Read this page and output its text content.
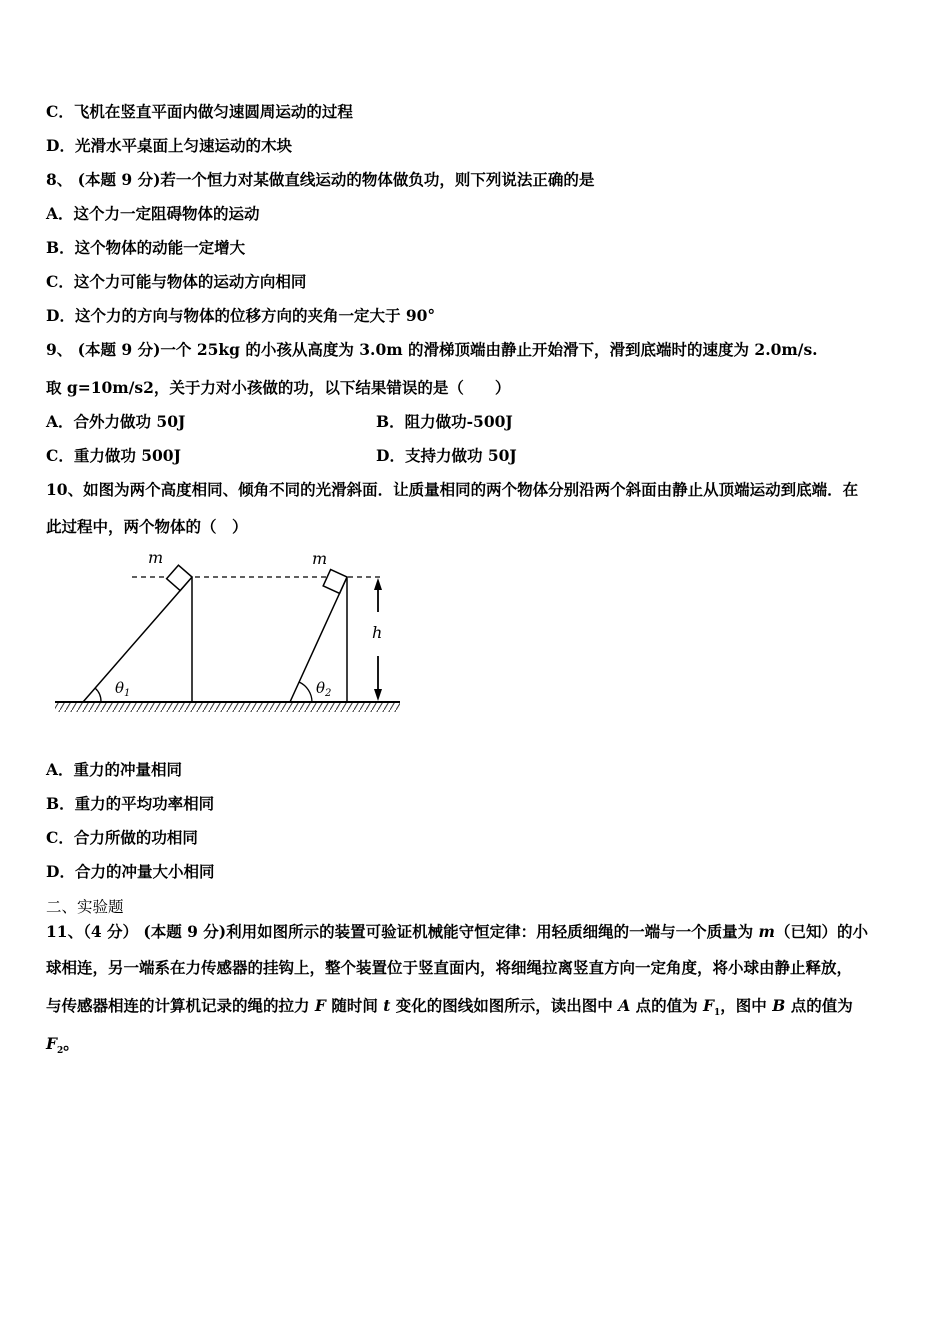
C．飞机在竖直平面内做匀速圆周运动的过程
D．光滑水平桌面上匀速运动的木块
8、 (本题 9 分)若一个恒力对某做直线运动的物体做负功，则下列说法正确的是
A．这个力一定阻碍物体的运动
B．这个物体的动能一定增大
C．这个力可能与物体的运动方向相同
D．这个力的方向与物体的位移方向的夹角一定大于 90°
9、 (本题 9 分)一个 25kg 的小孩从高度为 3.0m 的滑梯顶端由静止开始滑下，滑到底端时的速度为 2.0m/s.
取 g=10m/s2，关于力对小孩做的功，以下结果错误的是（　　）
A．合外力做功 50J	B．阻力做功-500J
C．重力做功 500J	D．支持力做功 50J
10、如图为两个高度相同、倾角不同的光滑斜面．让质量相同的两个物体分别沿两个斜面由静止从顶端运动到底端．在
此过程中，两个物体的（　）
m	m
$\theta_1$	$\theta_2$
h
A．重力的冲量相同
B．重力的平均功率相同
C．合力所做的功相同
D．合力的冲量大小相同
二、实验题
11、（4 分） (本题 9 分)利用如图所示的装置可验证机械能守恒定律：用轻质细绳的一端与一个质量为 m（已知）的小
球相连，另一端系在力传感器的挂钩上，整个装置位于竖直面内，将细绳拉离竖直方向一定角度，将小球由静止释放，
与传感器相连的计算机记录的绳的拉力 F 随时间 t 变化的图线如图所示，读出图中 A 点的值为 $F_1$，图中 B 点的值为
$F_2$。
